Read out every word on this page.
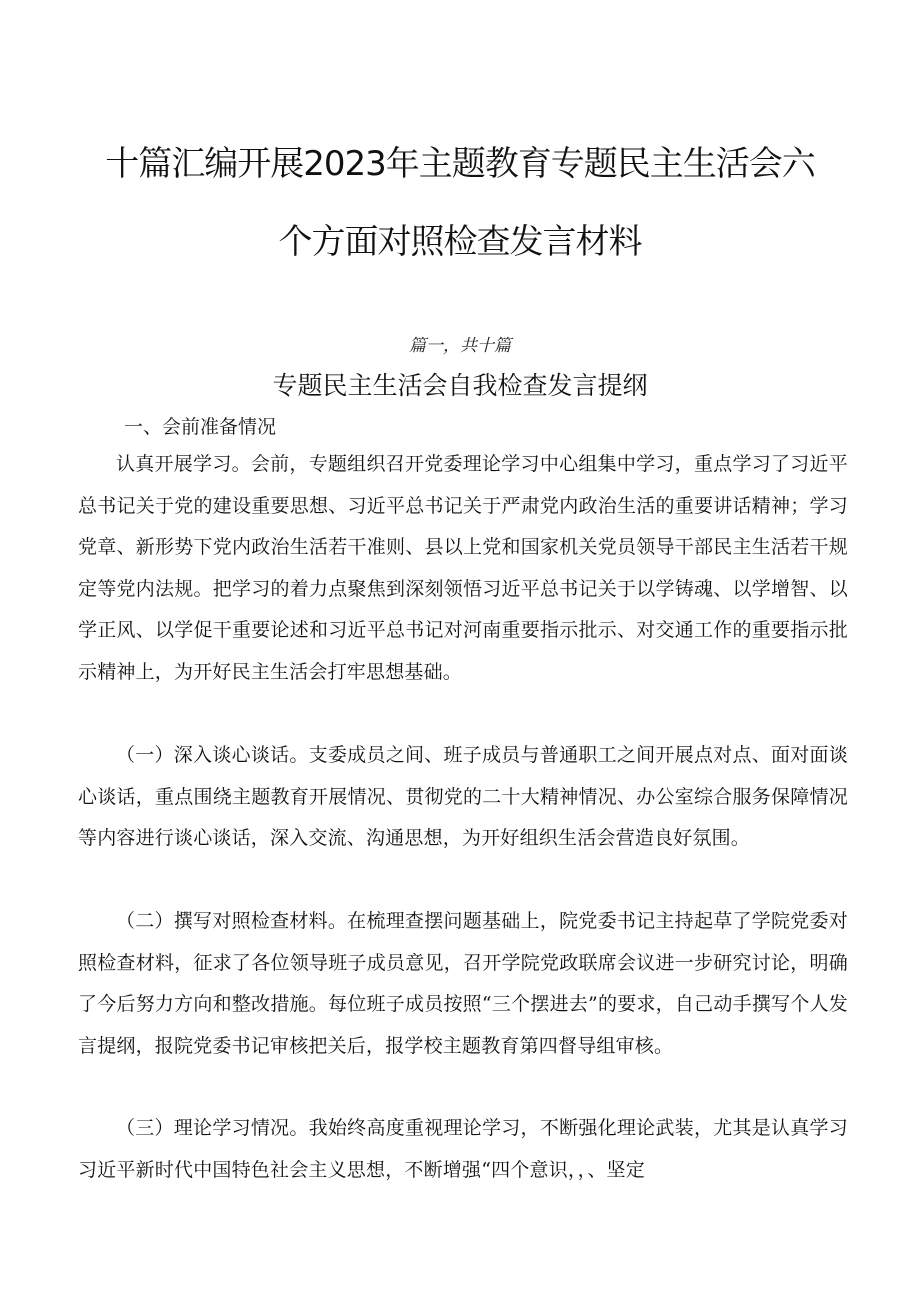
十篇汇编开展2023年主题教育专题民主生活会六
个方面对照检查发言材料
篇一，共十篇
专题民主生活会自我检查发言提纲
一、会前准备情况

认真开展学习。会前，专题组织召开党委理论学习中心组集中学习，重点学习了习近平总书记关于党的建设重要思想、习近平总书记关于严肃党内政治生活的重要讲话精神；学习党章、新形势下党内政治生活若干准则、县以上党和国家机关党员领导干部民主生活若干规定等党内法规。把学习的着力点聚焦到深刻领悟习近平总书记关于以学铸魂、以学增智、以学正风、以学促干重要论述和习近平总书记对河南重要指示批示、对交通工作的重要指示批示精神上，为开好民主生活会打牢思想基础。

（一）深入谈心谈话。支委成员之间、班子成员与普通职工之间开展点对点、面对面谈心谈话，重点围绕主题教育开展情况、贯彻党的二十大精神情况、办公室综合服务保障情况等内容进行谈心谈话，深入交流、沟通思想，为开好组织生活会营造良好氛围。

（二）撰写对照检查材料。在梳理查摆问题基础上，院党委书记主持起草了学院党委对照检查材料，征求了各位领导班子成员意见，召开学院党政联席会议进一步研究讨论，明确了今后努力方向和整改措施。每位班子成员按照“三个摆进去”的要求，自己动手撰写个人发言提纲，报院党委书记审核把关后，报学校主题教育第四督导组审核。

（三）理论学习情况。我始终高度重视理论学习，不断强化理论武装，尤其是认真学习习近平新时代中国特色社会主义思想，不断增强“四个意识，，、坚定
